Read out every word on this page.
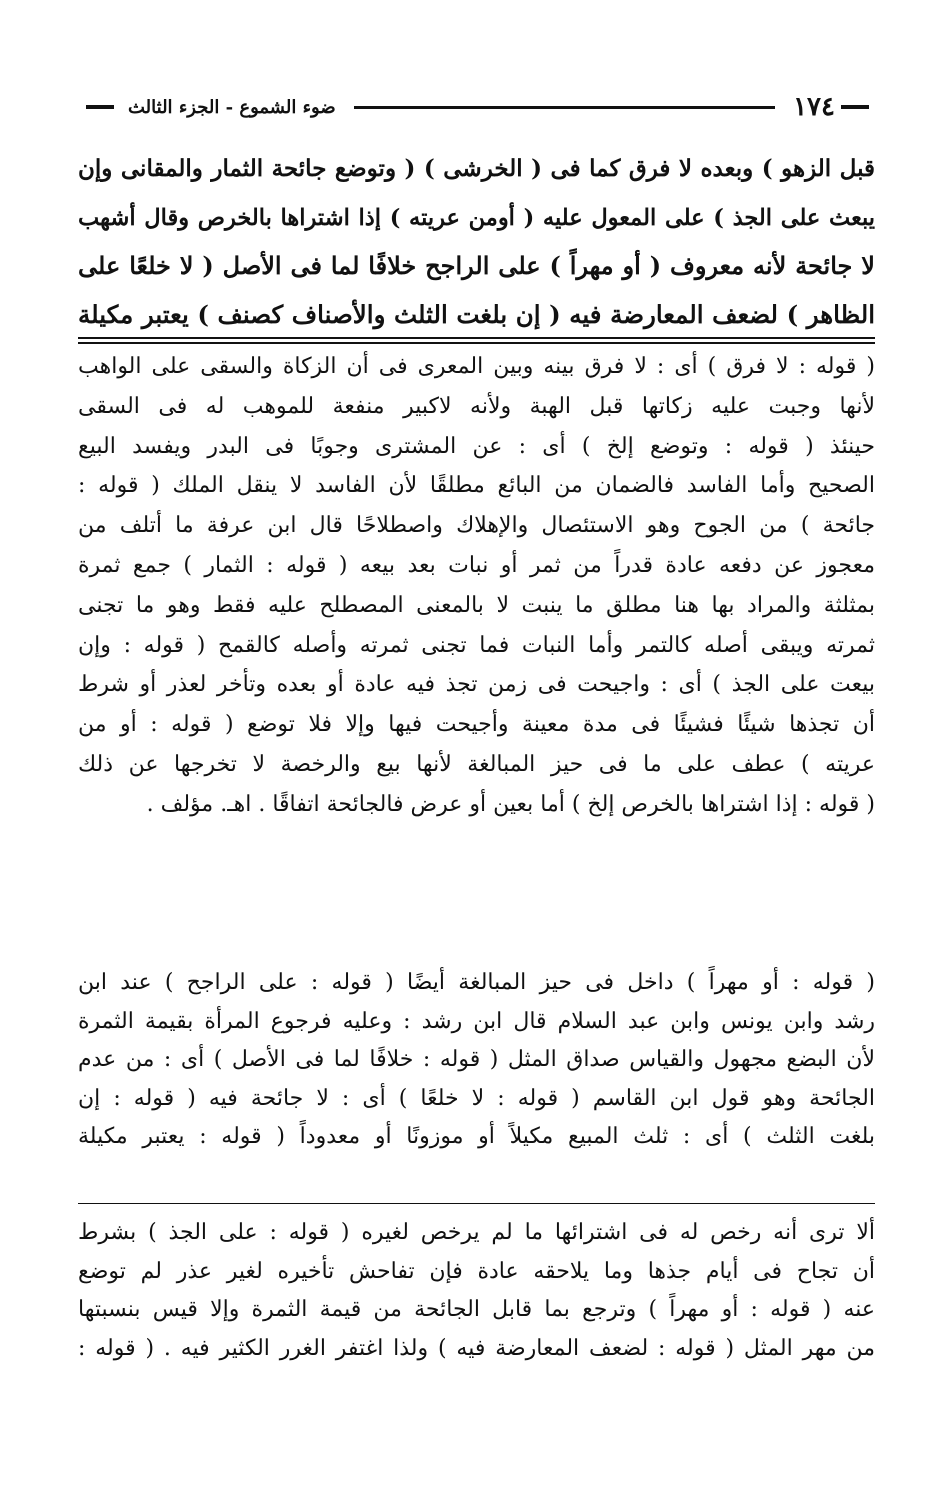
١٧٤
ضوء الشموع - الجزء الثالث
قبل الزهو ) وبعده لا فرق كما فى ( الخرشى ) ( وتوضع جائحة الثمار والمقانى وإن
يبعث على الجذ ) على المعول عليه ( أومن عريته ) إذا اشتراها بالخرص وقال أشهب
لا جائحة لأنه معروف ( أو مهراً ) على الراجح خلافًا لما فى الأصل ( لا خلعًا على
الظاهر ) لضعف المعارضة فيه ( إن بلغت الثلث والأصناف كصنف ) يعتبر مكيلة
( قوله : لا فرق ) أى : لا فرق بينه وبين المعرى فى أن الزكاة والسقى على الواهب
لأنها وجبت عليه زكاتها قبل الهبة ولأنه لاكبير منفعة للموهب له فى السقى
حينئذ ( قوله : وتوضع إلخ ) أى : عن المشترى وجوبًا فى البدر ويفسد البيع
الصحيح وأما الفاسد فالضمان من البائع مطلقًا لأن الفاسد لا ينقل الملك ( قوله :
جائحة ) من الجوح وهو الاستئصال والإهلاك واصطلاحًا قال ابن عرفة ما أتلف من
معجوز عن دفعه عادة قدراً من ثمر أو نبات بعد بيعه ( قوله : الثمار ) جمع ثمرة
بمثلثة والمراد بها هنا مطلق ما ينبت لا بالمعنى المصطلح عليه فقط وهو ما تجنى
ثمرته ويبقى أصله كالتمر وأما النبات فما تجنى ثمرته وأصله كالقمح ( قوله : وإن
بيعت على الجذ ) أى : واجيحت فى زمن تجذ فيه عادة أو بعده وتأخر لعذر أو شرط
أن تجذها شيئًا فشيئًا فى مدة معينة وأجيحت فيها وإلا فلا توضع ( قوله : أو من
عريته ) عطف على ما فى حيز المبالغة لأنها بيع والرخصة لا تخرجها عن ذلك
( قوله : إذا اشتراها بالخرص إلخ ) أما بعين أو عرض فالجائحة اتفاقًا . اهـ. مؤلف .
( قوله : أو مهراً ) داخل فى حيز المبالغة أيضًا ( قوله : على الراجح ) عند ابن
رشد وابن يونس وابن عبد السلام قال ابن رشد : وعليه فرجوع المرأة بقيمة الثمرة
لأن البضع مجهول والقياس صداق المثل ( قوله : خلافًا لما فى الأصل ) أى : من عدم
الجائحة وهو قول ابن القاسم ( قوله : لا خلعًا ) أى : لا جائحة فيه ( قوله : إن
بلغت الثلث ) أى : ثلث المبيع مكيلاً أو موزونًا أو معدوداً ( قوله : يعتبر مكيلة
ألا ترى أنه رخص له فى اشترائها ما لم يرخص لغيره ( قوله : على الجذ ) بشرط
أن تجاح فى أيام جذها وما يلاحقه عادة فإن تفاحش تأخيره لغير عذر لم توضع
عنه ( قوله : أو مهراً ) وترجع بما قابل الجائحة من قيمة الثمرة وإلا قيس بنسبتها
من مهر المثل ( قوله : لضعف المعارضة فيه ) ولذا اغتفر الغرر الكثير فيه . ( قوله :
